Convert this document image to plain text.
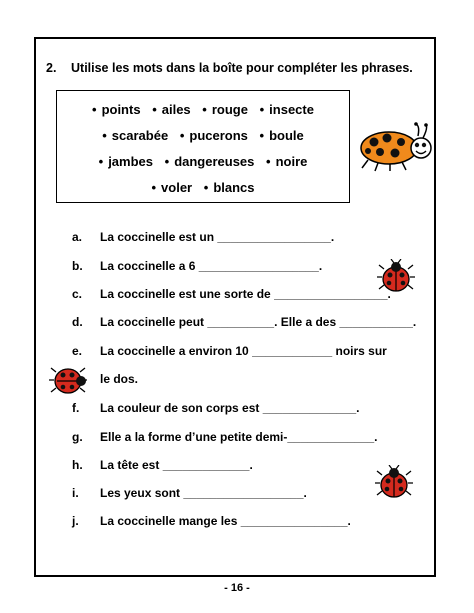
2. Utilise les mots dans la boîte pour compléter les phrases.
• points • ailes • rouge • insecte
• scarabée • pucerons • boule
• jambes • dangereuses • noire
• voler • blancs
a. La coccinelle est un _________________.
b. La coccinelle a 6 __________________.
c. La coccinelle est une sorte de _________________.
d. La coccinelle peut __________. Elle a des ___________.
e. La coccinelle a environ 10 ____________ noirs sur
le dos.
f. La couleur de son corps est ______________.
g. Elle a la forme d’une petite demi-_____________.
h. La tête est _____________.
i. Les yeux sont __________________.
j. La coccinelle mange les ________________.
- 16 -
